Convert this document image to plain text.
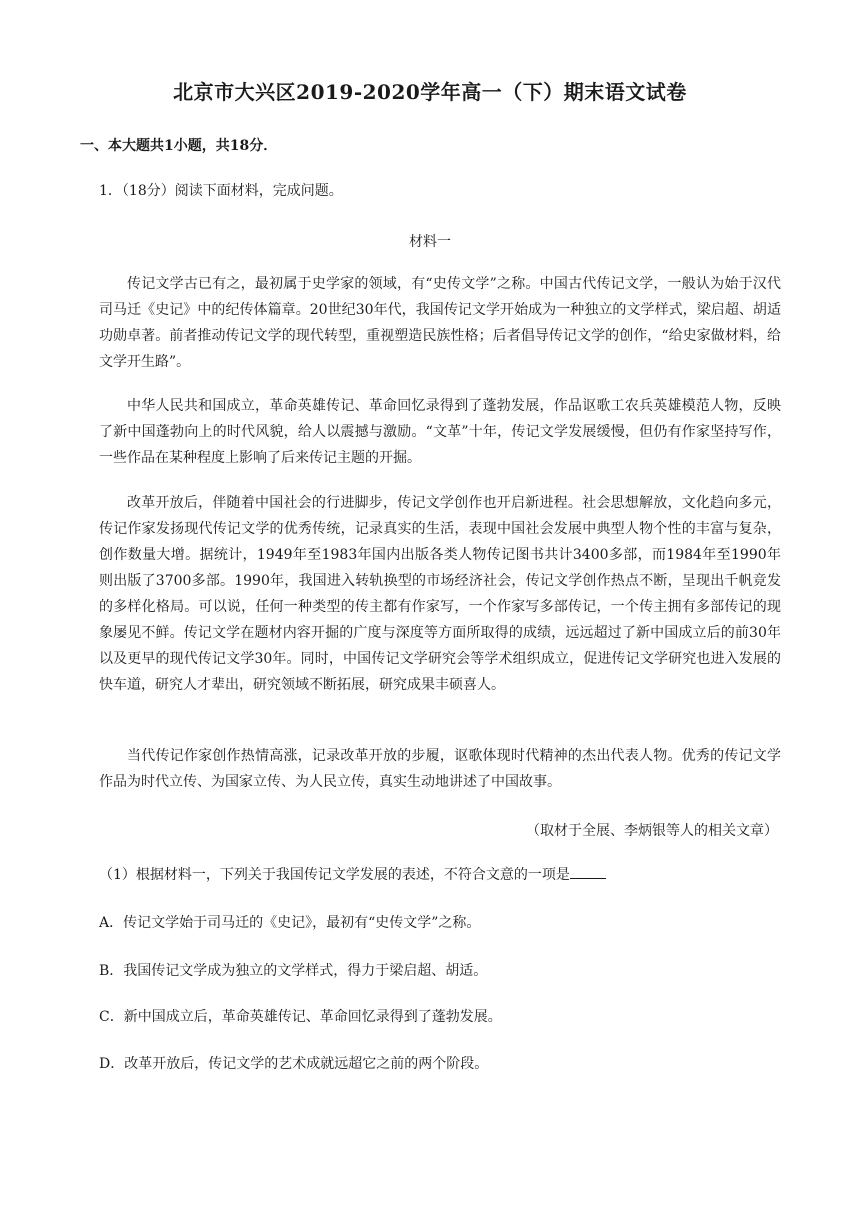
北京市大兴区2019-2020学年高一（下）期末语文试卷
一、本大题共1小题，共18分．
1．（18分）阅读下面材料，完成问题。
材料一

传记文学古已有之，最初属于史学家的领域，有“史传文学”之称。中国古代传记文学，一般认为始于汉代司马迁《史记》中的纪传体篇章。20世纪30年代，我国传记文学开始成为一种独立的文学样式，梁启超、胡适功勋卓著。前者推动传记文学的现代转型，重视塑造民族性格；后者倡导传记文学的创作，“给史家做材料，给文学开生路”。

中华人民共和国成立，革命英雄传记、革命回忆录得到了蓬勃发展，作品讴歌工农兵英雄模范人物，反映了新中国蓬勃向上的时代风貌，给人以震撼与激励。“文革”十年，传记文学发展缓慢，但仍有作家坚持写作，一些作品在某种程度上影响了后来传记主题的开掘。

改革开放后，伴随着中国社会的行进脚步，传记文学创作也开启新进程。社会思想解放，文化趋向多元，传记作家发扬现代传记文学的优秀传统，记录真实的生活，表现中国社会发展中典型人物个性的丰富与复杂，创作数量大增。据统计，1949年至1983年国内出版各类人物传记图书共计3400多部，而1984年至1990年则出版了3700多部。1990年，我国进入转轨换型的市场经济社会，传记文学创作热点不断，呈现出千帆竞发的多样化格局。可以说，任何一种类型的传主都有作家写，一个作家写多部传记，一个传主拥有多部传记的现象屡见不鲜。传记文学在题材内容开掘的广度与深度等方面所取得的成绩，远远超过了新中国成立后的前30年以及更早的现代传记文学30年。同时，中国传记文学研究会等学术组织成立，促进传记文学研究也进入发展的快车道，研究人才辈出，研究领域不断拓展，研究成果丰硕喜人。

当代传记作家创作热情高涨，记录改革开放的步履，讴歌体现时代精神的杰出代表人物。优秀的传记文学作品为时代立传、为国家立传、为人民立传，真实生动地讲述了中国故事。

（取材于全展、李炳银等人的相关文章）
（1）根据材料一，下列关于我国传记文学发展的表述，不符合文意的一项是
A．传记文学始于司马迁的《史记》，最初有“史传文学”之称。
B．我国传记文学成为独立的文学样式，得力于梁启超、胡适。
C．新中国成立后，革命英雄传记、革命回忆录得到了蓬勃发展。
D．改革开放后，传记文学的艺术成就远超它之前的两个阶段。
